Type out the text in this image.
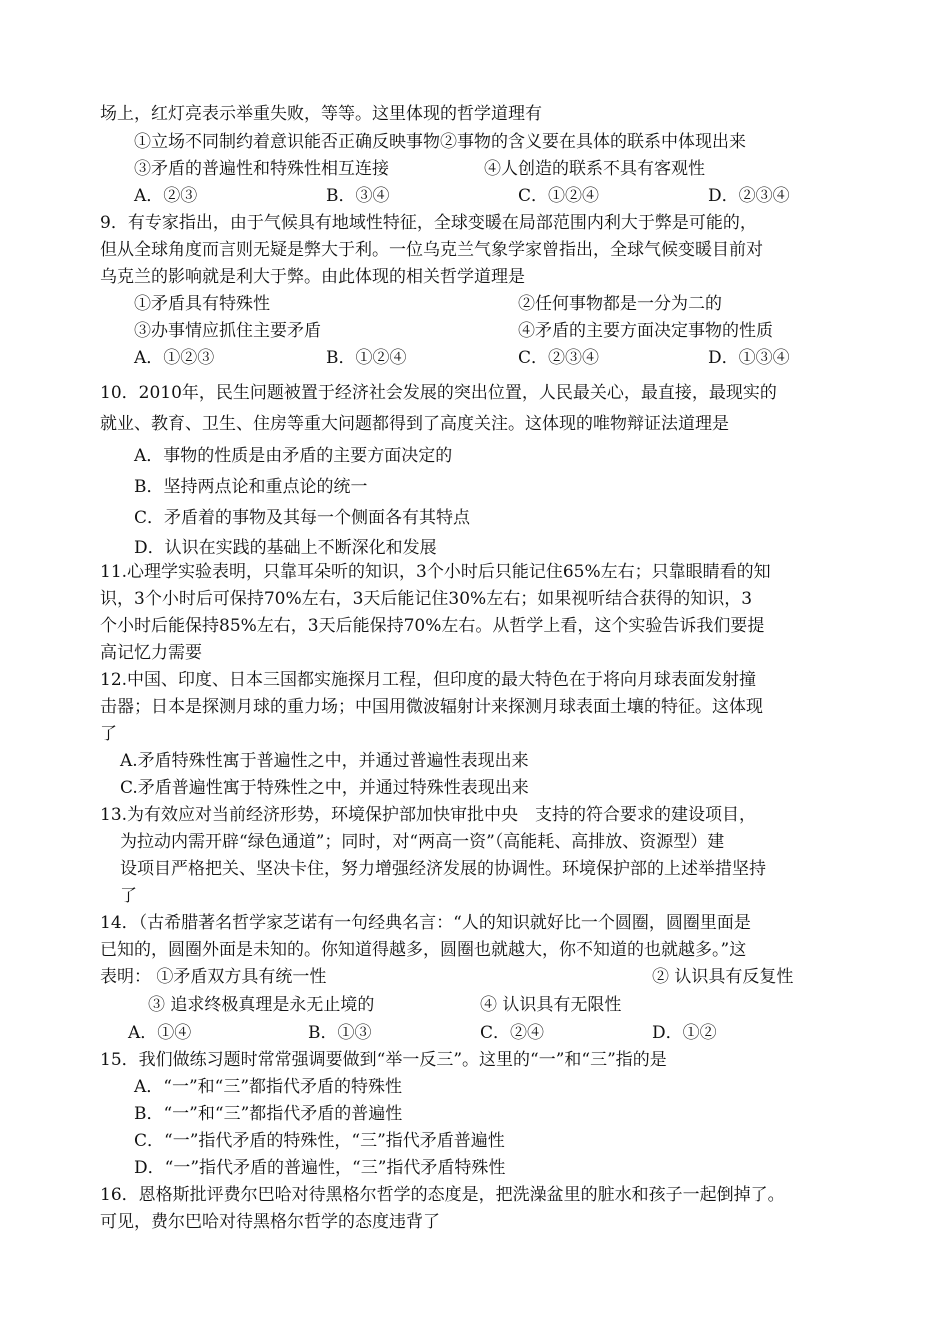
场上，红灯亮表示举重失败，等等。这里体现的哲学道理有
①立场不同制约着意识能否正确反映事物②事物的含义要在具体的联系中体现出来
③矛盾的普遍性和特殊性相互连接	④人创造的联系不具有客观性
A．②③	B．③④	C．①②④	D．②③④
9．有专家指出，由于气候具有地域性特征，全球变暖在局部范围内利大于弊是可能的，
但从全球角度而言则无疑是弊大于利。一位乌克兰气象学家曾指出，全球气候变暖目前对
乌克兰的影响就是利大于弊。由此体现的相关哲学道理是
①矛盾具有特殊性	②任何事物都是一分为二的
③办事情应抓住主要矛盾	④矛盾的主要方面决定事物的性质
A．①②③	B．①②④	C．②③④	D．①③④
10．2010年，民生问题被置于经济社会发展的突出位置，人民最关心，最直接，最现实的
就业、教育、卫生、住房等重大问题都得到了高度关注。这体现的唯物辩证法道理是
A．事物的性质是由矛盾的主要方面决定的
B．坚持两点论和重点论的统一
C．矛盾着的事物及其每一个侧面各有其特点
D．认识在实践的基础上不断深化和发展
11.心理学实验表明，只靠耳朵听的知识，3个小时后只能记住65%左右；只靠眼睛看的知
识，3个小时后可保持70%左右，3天后能记住30%左右；如果视听结合获得的知识，3
个小时后能保持85%左右，3天后能保持70%左右。从哲学上看，这个实验告诉我们要提
高记忆力需要
12.中国、印度、日本三国都实施探月工程，但印度的最大特色在于将向月球表面发射撞
击器；日本是探测月球的重力场；中国用微波辐射计来探测月球表面土壤的特征。这体现
了
A.矛盾特殊性寓于普遍性之中，并通过普遍性表现出来
C.矛盾普遍性寓于特殊性之中，并通过特殊性表现出来
13.为有效应对当前经济形势，环境保护部加快审批中央　支持的符合要求的建设项目，
为拉动内需开辟“绿色通道”；同时，对“两高一资”（高能耗、高排放、资源型）建
设项目严格把关、坚决卡住，努力增强经济发展的协调性。环境保护部的上述举措坚持
了
14．（古希腊著名哲学家芝诺有一句经典名言：“人的知识就好比一个圆圈，圆圈里面是
已知的，圆圈外面是未知的。你知道得越多，圆圈也就越大，你不知道的也就越多。”这
表明： ①矛盾双方具有统一性	② 认识具有反复性
③ 追求终极真理是永无止境的	④ 认识具有无限性
A．①④	B．①③	C．②④	D．①②
15．我们做练习题时常常强调要做到“举一反三”。这里的“一”和“三”指的是
A．“一”和“三”都指代矛盾的特殊性
B．“一”和“三”都指代矛盾的普遍性
C．“一”指代矛盾的特殊性，“三”指代矛盾普遍性
D．“一”指代矛盾的普遍性，“三”指代矛盾特殊性
16．恩格斯批评费尔巴哈对待黑格尔哲学的态度是，把洗澡盆里的脏水和孩子一起倒掉了。
可见，费尔巴哈对待黑格尔哲学的态度违背了
